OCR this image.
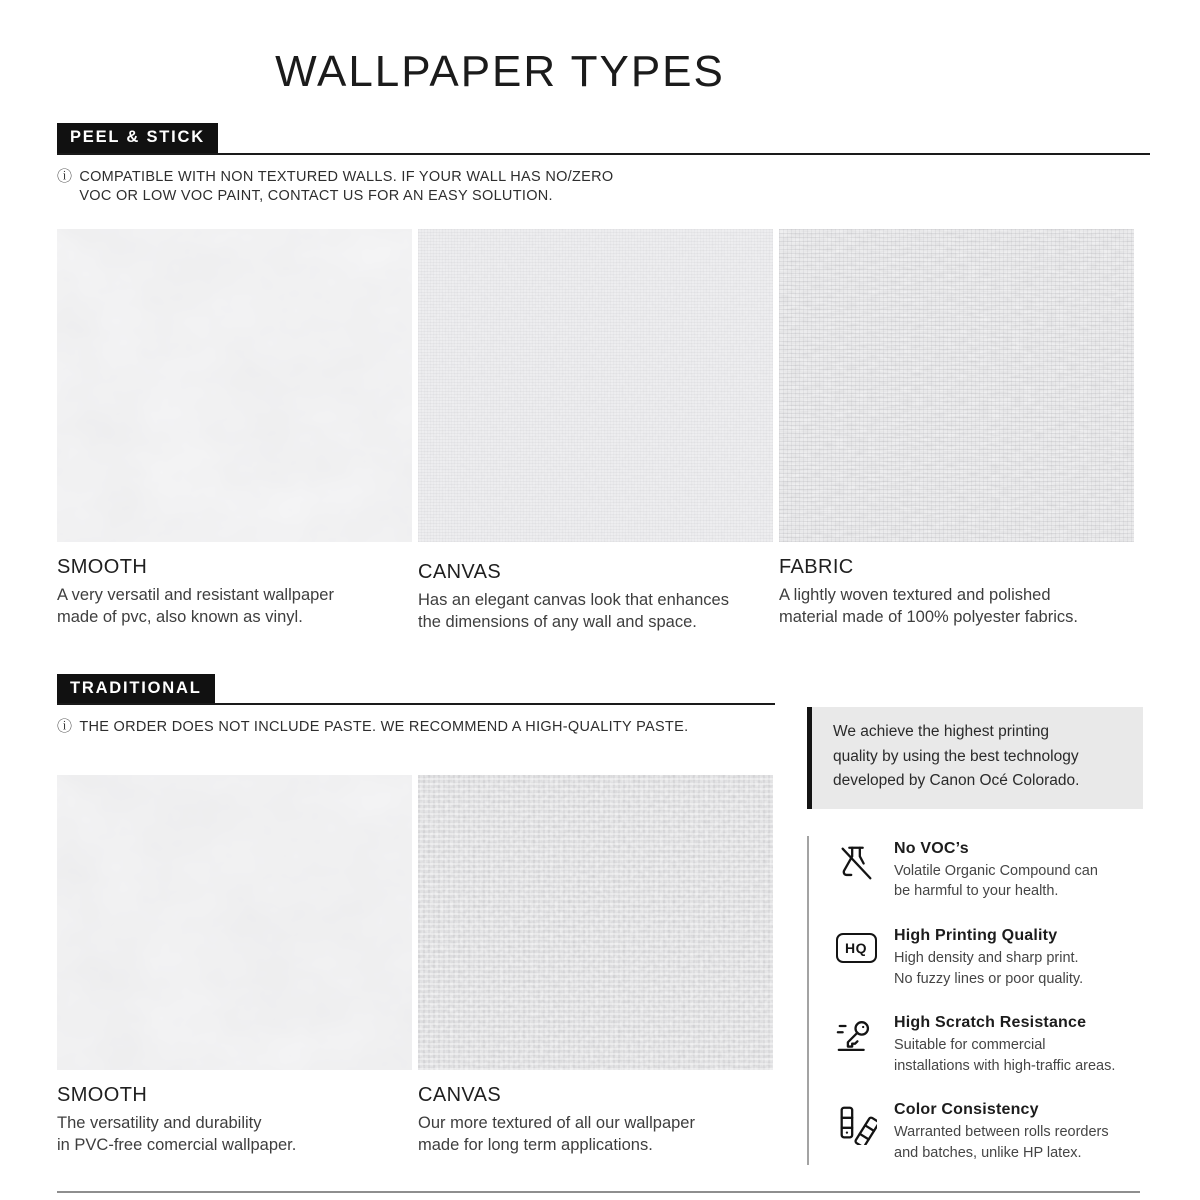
WALLPAPER TYPES
PEEL & STICK
ⓘ COMPATIBLE WITH NON TEXTURED WALLS. IF YOUR WALL HAS NO/ZERO
VOC OR LOW VOC PAINT, CONTACT US FOR AN EASY SOLUTION.
SMOOTH

A very versatil and resistant wallpaper
made of pvc, also known as vinyl.

CANVAS

Has an elegant canvas look that enhances
the dimensions of any wall and space.

FABRIC

A lightly woven textured and polished
material made of 100% polyester fabrics.

TRADITIONAL
ⓘ THE ORDER DOES NOT INCLUDE PASTE. WE RECOMMEND A HIGH-QUALITY PASTE.
SMOOTH

The versatility and durability
in PVC-free comercial wallpaper.

CANVAS

Our more textured of all our wallpaper
made for long term applications.

We achieve the highest printing
quality by using the best technology
developed by Canon Océ Colorado.

No VOC’s

Volatile Organic Compound can
be harmful to your health.

HQ

High Printing Quality

High density and sharp print.
No fuzzy lines or poor quality.

High Scratch Resistance

Suitable for commercial
installations with high-traffic areas.

Color Consistency

Warranted between rolls reorders
and batches, unlike HP latex.
